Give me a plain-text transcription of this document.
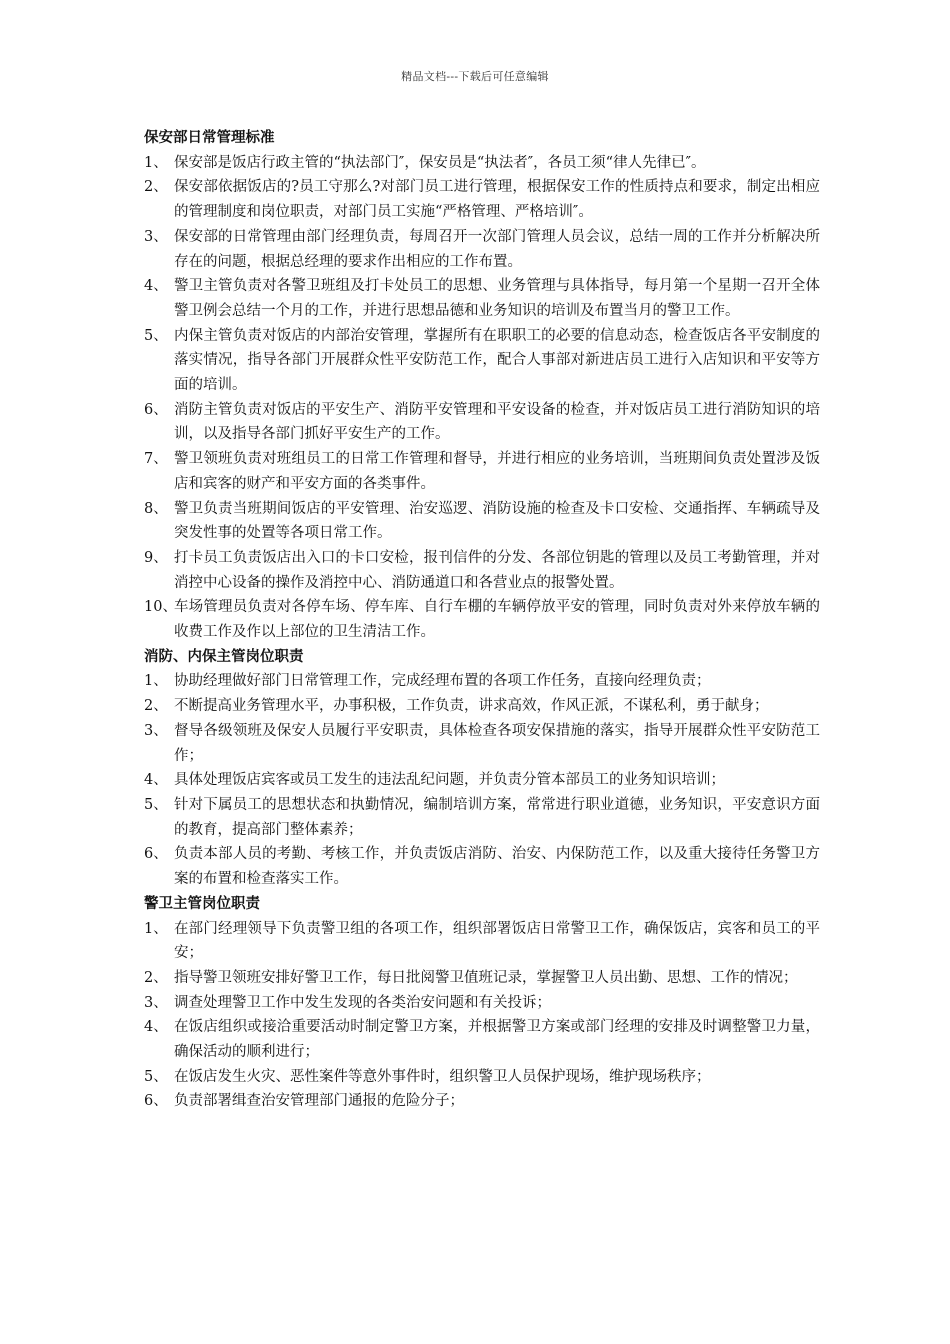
精品文档---下载后可任意编辑

保安部日常管理标准

1、 保安部是饭店行政主管的“执法部门″，保安员是“执法者″，各员工须“律人先律已″。

2、 保安部依据饭店的?员工守那么?对部门员工进行管理，根据保安工作的性质持点和要求，制定出相应的管理制度和岗位职责，对部门员工实施“严格管理、严格培训″。

3、 保安部的日常管理由部门经理负责，每周召开一次部门管理人员会议，总结一周的工作并分析解决所存在的问题，根据总经理的要求作出相应的工作布置。

4、 警卫主管负责对各警卫班组及打卡处员工的思想、业务管理与具体指导，每月第一个星期一召开全体警卫例会总结一个月的工作，并进行思想品德和业务知识的培训及布置当月的警卫工作。

5、 内保主管负责对饭店的内部治安管理，掌握所有在职职工的必要的信息动态，检查饭店各平安制度的落实情况，指导各部门开展群众性平安防范工作，配合人事部对新进店员工进行入店知识和平安等方面的培训。

6、 消防主管负责对饭店的平安生产、消防平安管理和平安设备的检查，并对饭店员工进行消防知识的培训，以及指导各部门抓好平安生产的工作。

7、 警卫领班负责对班组员工的日常工作管理和督导，并进行相应的业务培训，当班期间负责处置涉及饭店和宾客的财产和平安方面的各类事件。

8、 警卫负责当班期间饭店的平安管理、治安巡逻、消防设施的检查及卡口安检、交通指挥、车辆疏导及突发性事的处置等各项日常工作。

9、 打卡员工负责饭店出入口的卡口安检，报刊信件的分发、各部位钥匙的管理以及员工考勤管理，并对消控中心设备的操作及消控中心、消防通道口和各营业点的报警处置。

10、
车场管理员负责对各停车场、停车库、自行车棚的车辆停放平安的管理，同时负责对外来停放车辆的收费工作及作以上部位的卫生清洁工作。

消防、内保主管岗位职责

1、 协助经理做好部门日常管理工作，完成经理布置的各项工作任务，直接向经理负责；

2、 不断提高业务管理水平，办事积极，工作负责，讲求高效，作风正派，不谋私利，勇于献身；

3、 督导各级领班及保安人员履行平安职责，具体检查各项安保措施的落实，指导开展群众性平安防范工作；

4、 具体处理饭店宾客或员工发生的违法乱纪问题，并负责分管本部员工的业务知识培训；

5、 针对下属员工的思想状态和执勤情况，编制培训方案，常常进行职业道德，业务知识，平安意识方面的教育，提高部门整体素养；

6、 负责本部人员的考勤、考核工作，并负责饭店消防、治安、内保防范工作，以及重大接待任务警卫方案的布置和检查落实工作。

警卫主管岗位职责

1、 在部门经理领导下负责警卫组的各项工作，组织部署饭店日常警卫工作，确保饭店，宾客和员工的平安；

2、 指导警卫领班安排好警卫工作，每日批阅警卫值班记录，掌握警卫人员出勤、思想、工作的情况；

3、 调查处理警卫工作中发生发现的各类治安问题和有关投诉；

4、 在饭店组织或接洽重要活动时制定警卫方案，并根据警卫方案或部门经理的安排及时调整警卫力量，确保活动的顺利进行；

5、 在饭店发生火灾、恶性案件等意外事件时，组织警卫人员保护现场，维护现场秩序；

6、 负责部署缉查治安管理部门通报的危险分子；
